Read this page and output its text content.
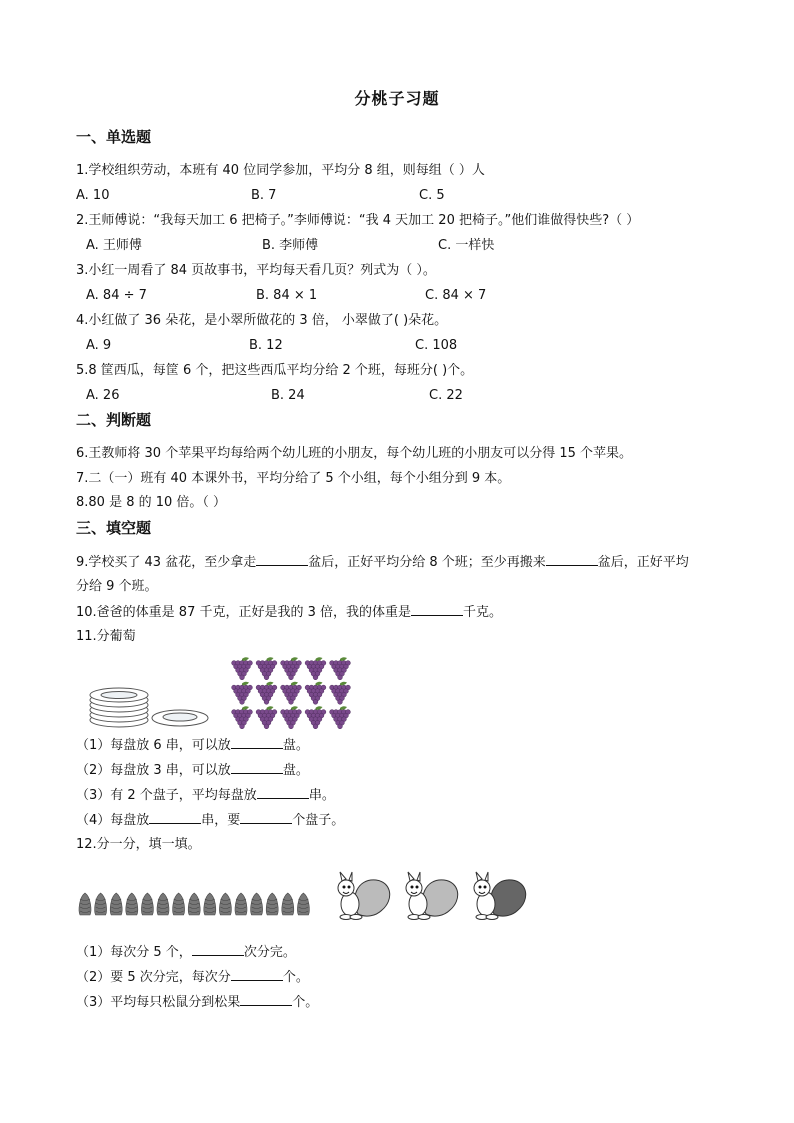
分桃子习题
一、单选题
1.学校组织劳动，本班有 40 位同学参加，平均分 8 组，则每组（ ）人
A. 10	B. 7	C. 5
2.王师傅说：“我每天加工 6 把椅子。”李师傅说：“我 4 天加工 20 把椅子。”他们谁做得快些?（ ）
A. 王师傅	B. 李师傅	C. 一样快
3.小红一周看了 84 页故事书，平均每天看几页？列式为（ ）。
A. 84 ÷ 7	B. 84 × 1	C. 84 × 7
4.小红做了 36 朵花，是小翠所做花的 3 倍， 小翠做了( )朵花。
A. 9	B. 12	C. 108
5.8 筐西瓜，每筐 6 个，把这些西瓜平均分给 2 个班，每班分( )个。
A. 26	B. 24	C. 22
二、判断题
6.王教师将 30 个苹果平均每给两个幼儿班的小朋友，每个幼儿班的小朋友可以分得 15 个苹果。
7.二（一）班有 40 本课外书，平均分给了 5 个小组，每个小组分到 9 本。
8.80 是 8 的 10 倍。（ ）
三、填空题
9.学校买了 43 盆花，至少拿走	盆后，正好平均分给 8 个班；至少再搬来	盆后，正好平均
分给 9 个班。
10.爸爸的体重是 87 千克，正好是我的 3 倍，我的体重是	千克。
11.分葡萄
（1）每盘放 6 串，可以放	盘。
（2）每盘放 3 串，可以放	盘。
（3）有 2 个盘子，平均每盘放	串。
（4）每盘放	串，要	个盘子。
12.分一分，填一填。
（1）每次分 5 个，	次分完。
（2）要 5 次分完，每次分	个。
（3）平均每只松鼠分到松果	个。
